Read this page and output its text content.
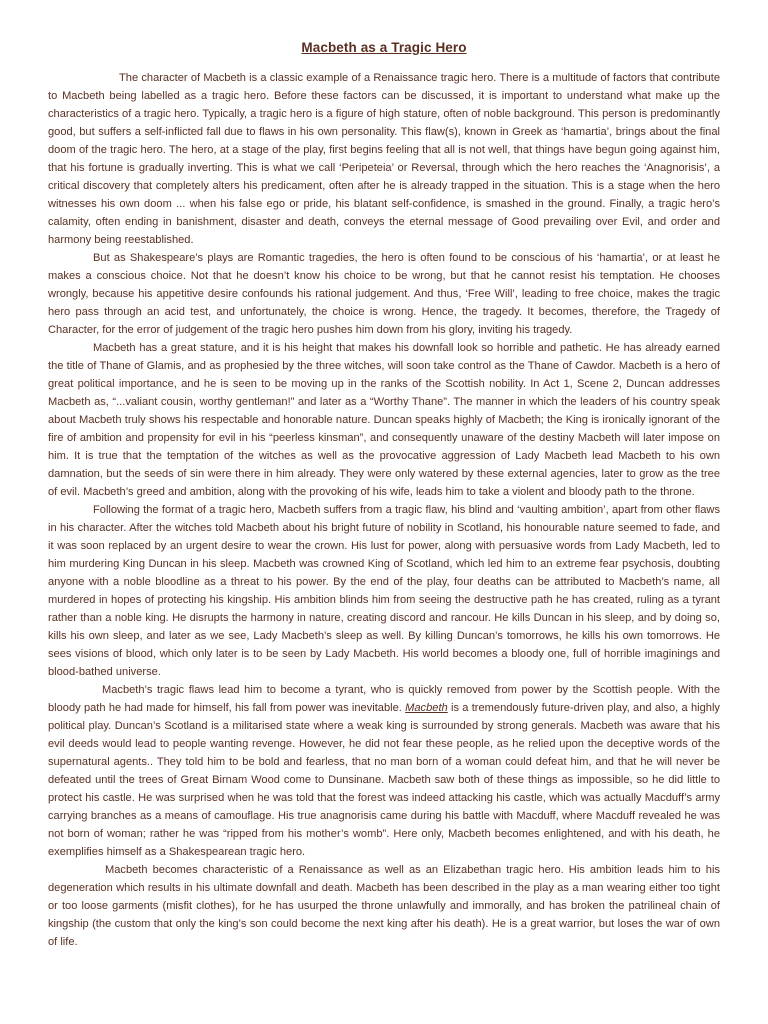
Macbeth as a Tragic Hero

The character of Macbeth is a classic example of a Renaissance tragic hero. There is a multitude of factors that contribute to Macbeth being labelled as a tragic hero. Before these factors can be discussed, it is important to understand what make up the characteristics of a tragic hero. Typically, a tragic hero is a figure of high stature, often of noble background. This person is predominantly good, but suffers a self-inflicted fall due to flaws in his own personality. This flaw(s), known in Greek as ‘hamartia’, brings about the final doom of the tragic hero. The hero, at a stage of the play, first begins feeling that all is not well, that things have begun going against him, that his fortune is gradually inverting. This is what we call ‘Peripeteia’ or Reversal, through which the hero reaches the ‘Anagnorisis’, a critical discovery that completely alters his predicament, often after he is already trapped in the situation. This is a stage when the hero witnesses his own doom ... when his false ego or pride, his blatant self-confidence, is smashed in the ground. Finally, a tragic hero’s calamity, often ending in banishment, disaster and death, conveys the eternal message of Good prevailing over Evil, and order and harmony being reestablished.

But as Shakespeare’s plays are Romantic tragedies, the hero is often found to be conscious of his ‘hamartia’, or at least he makes a conscious choice. Not that he doesn’t know his choice to be wrong, but that he cannot resist his temptation. He chooses wrongly, because his appetitive desire confounds his rational judgement. And thus, ‘Free Will’, leading to free choice, makes the tragic hero pass through an acid test, and unfortunately, the choice is wrong. Hence, the tragedy. It becomes, therefore, the Tragedy of Character, for the error of judgement of the tragic hero pushes him down from his glory, inviting his tragedy.

Macbeth has a great stature, and it is his height that makes his downfall look so horrible and pathetic. He has already earned the title of Thane of Glamis, and as prophesied by the three witches, will soon take control as the Thane of Cawdor. Macbeth is a hero of great political importance, and he is seen to be moving up in the ranks of the Scottish nobility. In Act 1, Scene 2, Duncan addresses Macbeth as, “...valiant cousin, worthy gentleman!” and later as a “Worthy Thane”. The manner in which the leaders of his country speak about Macbeth truly shows his respectable and honorable nature. Duncan speaks highly of Macbeth; the King is ironically ignorant of the fire of ambition and propensity for evil in his “peerless kinsman”, and consequently unaware of the destiny Macbeth will later impose on him. It is true that the temptation of the witches as well as the provocative aggression of Lady Macbeth lead Macbeth to his own damnation, but the seeds of sin were there in him already. They were only watered by these external agencies, later to grow as the tree of evil. Macbeth’s greed and ambition, along with the provoking of his wife, leads him to take a violent and bloody path to the throne.

Following the format of a tragic hero, Macbeth suffers from a tragic flaw, his blind and ‘vaulting ambition’, apart from other flaws in his character. After the witches told Macbeth about his bright future of nobility in Scotland, his honourable nature seemed to fade, and it was soon replaced by an urgent desire to wear the crown. His lust for power, along with persuasive words from Lady Macbeth, led to him murdering King Duncan in his sleep. Macbeth was crowned King of Scotland, which led him to an extreme fear psychosis, doubting anyone with a noble bloodline as a threat to his power. By the end of the play, four deaths can be attributed to Macbeth’s name, all murdered in hopes of protecting his kingship. His ambition blinds him from seeing the destructive path he has created, ruling as a tyrant rather than a noble king. He disrupts the harmony in nature, creating discord and rancour. He kills Duncan in his sleep, and by doing so, kills his own sleep, and later as we see, Lady Macbeth’s sleep as well. By killing Duncan’s tomorrows, he kills his own tomorrows. He sees visions of blood, which only later is to be seen by Lady Macbeth. His world becomes a bloody one, full of horrible imaginings and blood-bathed universe.

Macbeth’s tragic flaws lead him to become a tyrant, who is quickly removed from power by the Scottish people. With the bloody path he had made for himself, his fall from power was inevitable. Macbeth is a tremendously future-driven play, and also, a highly political play. Duncan’s Scotland is a militarised state where a weak king is surrounded by strong generals. Macbeth was aware that his evil deeds would lead to people wanting revenge. However, he did not fear these people, as he relied upon the deceptive words of the supernatural agents.. They told him to be bold and fearless, that no man born of a woman could defeat him, and that he will never be defeated until the trees of Great Birnam Wood come to Dunsinane. Macbeth saw both of these things as impossible, so he did little to protect his castle. He was surprised when he was told that the forest was indeed attacking his castle, which was actually Macduff’s army carrying branches as a means of camouflage. His true anagnorisis came during his battle with Macduff, where Macduff revealed he was not born of woman; rather he was “ripped from his mother’s womb”. Here only, Macbeth becomes enlightened, and with his death, he exemplifies himself as a Shakespearean tragic hero.

Macbeth becomes characteristic of a Renaissance as well as an Elizabethan tragic hero. His ambition leads him to his degeneration which results in his ultimate downfall and death. Macbeth has been described in the play as a man wearing either too tight or too loose garments (misfit clothes), for he has usurped the throne unlawfully and immorally, and has broken the patrilineal chain of kingship (the custom that only the king’s son could become the next king after his death). He is a great warrior, but loses the war of own of life.
